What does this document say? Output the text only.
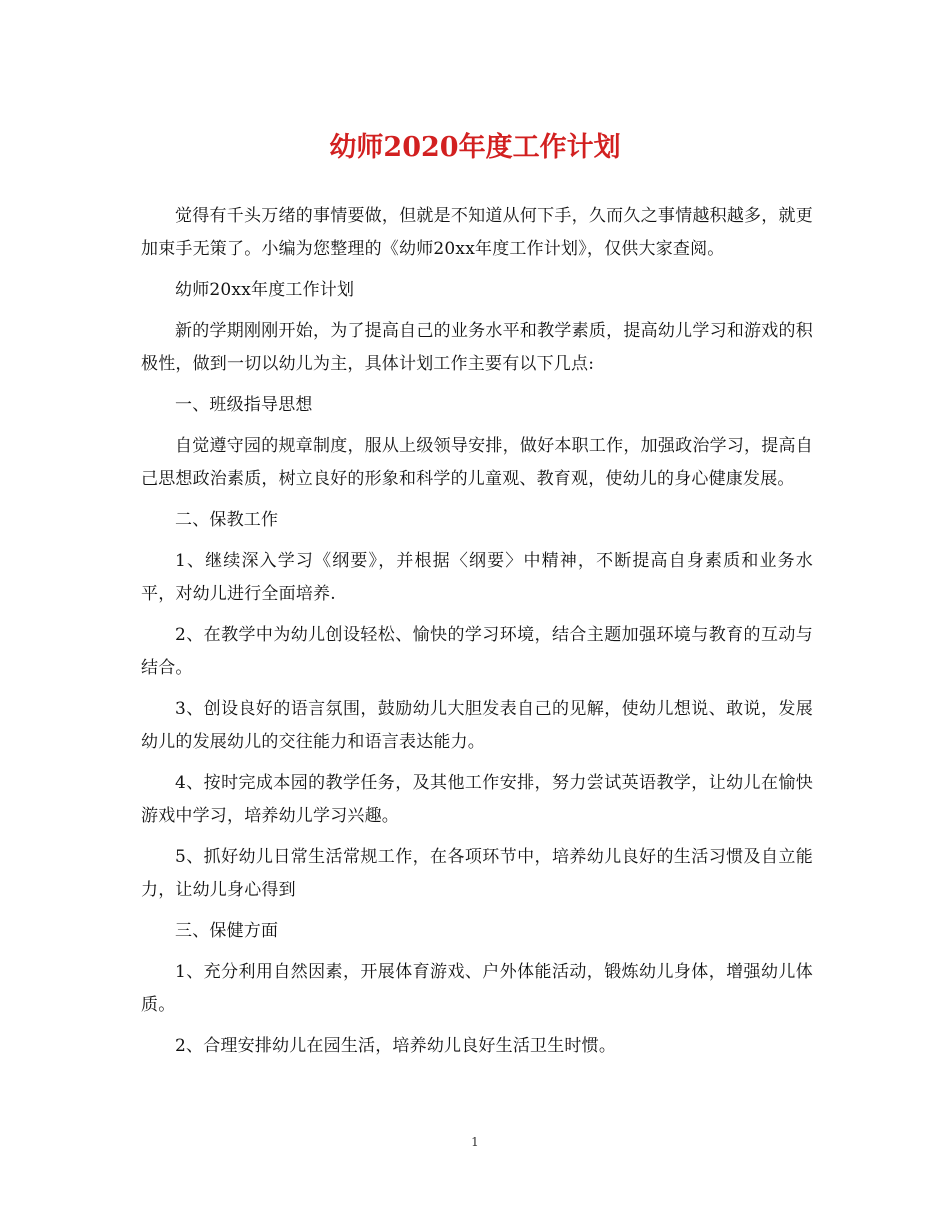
幼师2020年度工作计划

觉得有千头万绪的事情要做，但就是不知道从何下手，久而久之事情越积越多，就更加束手无策了。小编为您整理的《幼师20xx年度工作计划》，仅供大家查阅。

幼师20xx年度工作计划

新的学期刚刚开始，为了提高自己的业务水平和教学素质，提高幼儿学习和游戏的积极性，做到一切以幼儿为主，具体计划工作主要有以下几点:

一、班级指导思想

自觉遵守园的规章制度，服从上级领导安排，做好本职工作，加强政治学习，提高自己思想政治素质，树立良好的形象和科学的儿童观、教育观，使幼儿的身心健康发展。

二、保教工作

1、继续深入学习《纲要》，并根据〈纲要〉中精神，不断提高自身素质和业务水平，对幼儿进行全面培养.

2、在教学中为幼儿创设轻松、愉快的学习环境，结合主题加强环境与教育的互动与结合。

3、创设良好的语言氛围，鼓励幼儿大胆发表自己的见解，使幼儿想说、敢说，发展幼儿的发展幼儿的交往能力和语言表达能力。

4、按时完成本园的教学任务，及其他工作安排，努力尝试英语教学，让幼儿在愉快游戏中学习，培养幼儿学习兴趣。

5、抓好幼儿日常生活常规工作，在各项环节中，培养幼儿良好的生活习惯及自立能力，让幼儿身心得到

三、保健方面

1、充分利用自然因素，开展体育游戏、户外体能活动，锻炼幼儿身体，增强幼儿体质。

2、合理安排幼儿在园生活，培养幼儿良好生活卫生时惯。

1
